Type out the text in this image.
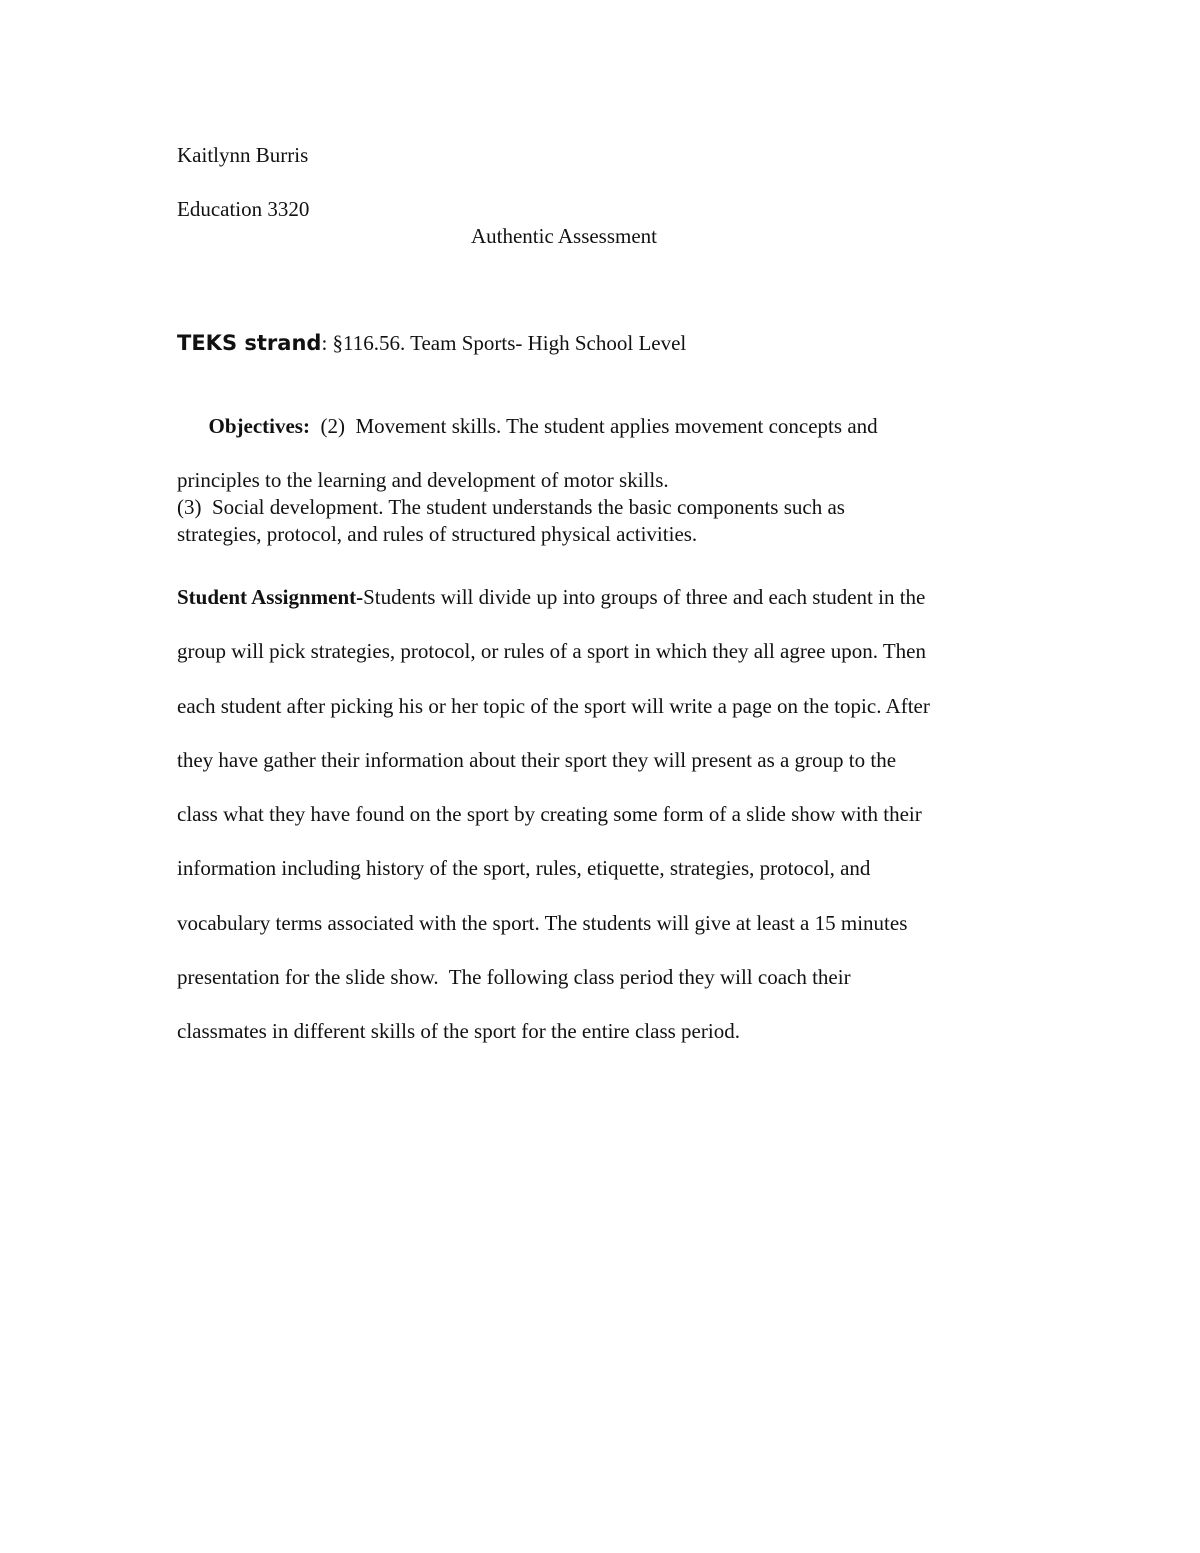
Kaitlynn Burris
Education 3320
Authentic Assessment
TEKS strand: §116.56. Team Sports- High School Level

Objectives:  (2)  Movement skills. The student applies movement concepts and

principles to the learning and development of motor skills.
(3)  Social development. The student understands the basic components such as
strategies, protocol, and rules of structured physical activities.
Student Assignment-Students will divide up into groups of three and each student in the
group will pick strategies, protocol, or rules of a sport in which they all agree upon. Then
each student after picking his or her topic of the sport will write a page on the topic. After
they have gather their information about their sport they will present as a group to the
class what they have found on the sport by creating some form of a slide show with their
information including history of the sport, rules, etiquette, strategies, protocol, and
vocabulary terms associated with the sport. The students will give at least a 15 minutes
presentation for the slide show.  The following class period they will coach their
classmates in different skills of the sport for the entire class period.
